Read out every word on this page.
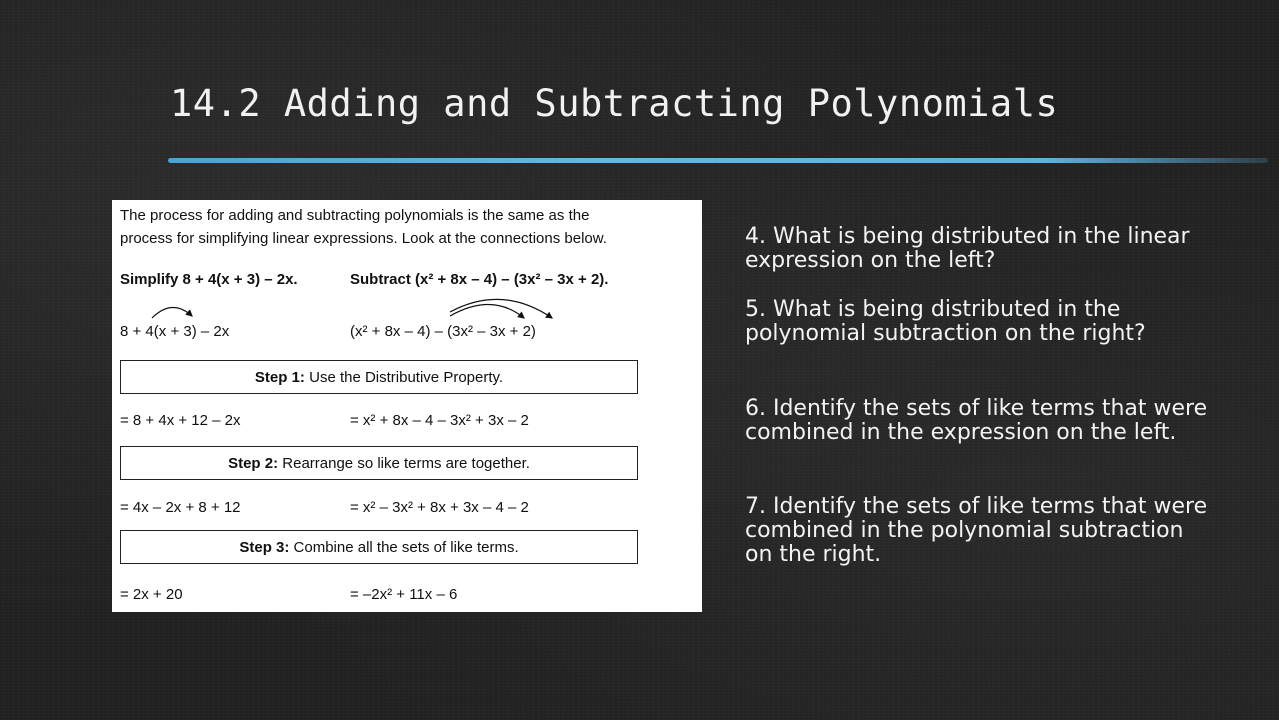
14.2 Adding and Subtracting Polynomials
The process for adding and subtracting polynomials is the same as the
process for simplifying linear expressions. Look at the connections below.
Simplify 8 + 4(x + 3) – 2x.	Subtract (x² + 8x – 4) – (3x² – 3x + 2).
8 + 4(x + 3) – 2x	(x² + 8x – 4) – (3x² – 3x + 2)
Step 1: Use the Distributive Property.
= 8 + 4x + 12 – 2x	= x² + 8x – 4 – 3x² + 3x – 2
Step 2: Rearrange so like terms are together.
= 4x – 2x + 8 + 12	= x² – 3x² + 8x + 3x – 4 – 2
Step 3: Combine all the sets of like terms.
= 2x + 20	= –2x² + 11x – 6
4. What is being distributed in the linear expression on the left?
5. What is being distributed in the polynomial subtraction on the right?
6. Identify the sets of like terms that were combined in the expression on the left.
7. Identify the sets of like terms that were combined in the polynomial subtraction on the right.
